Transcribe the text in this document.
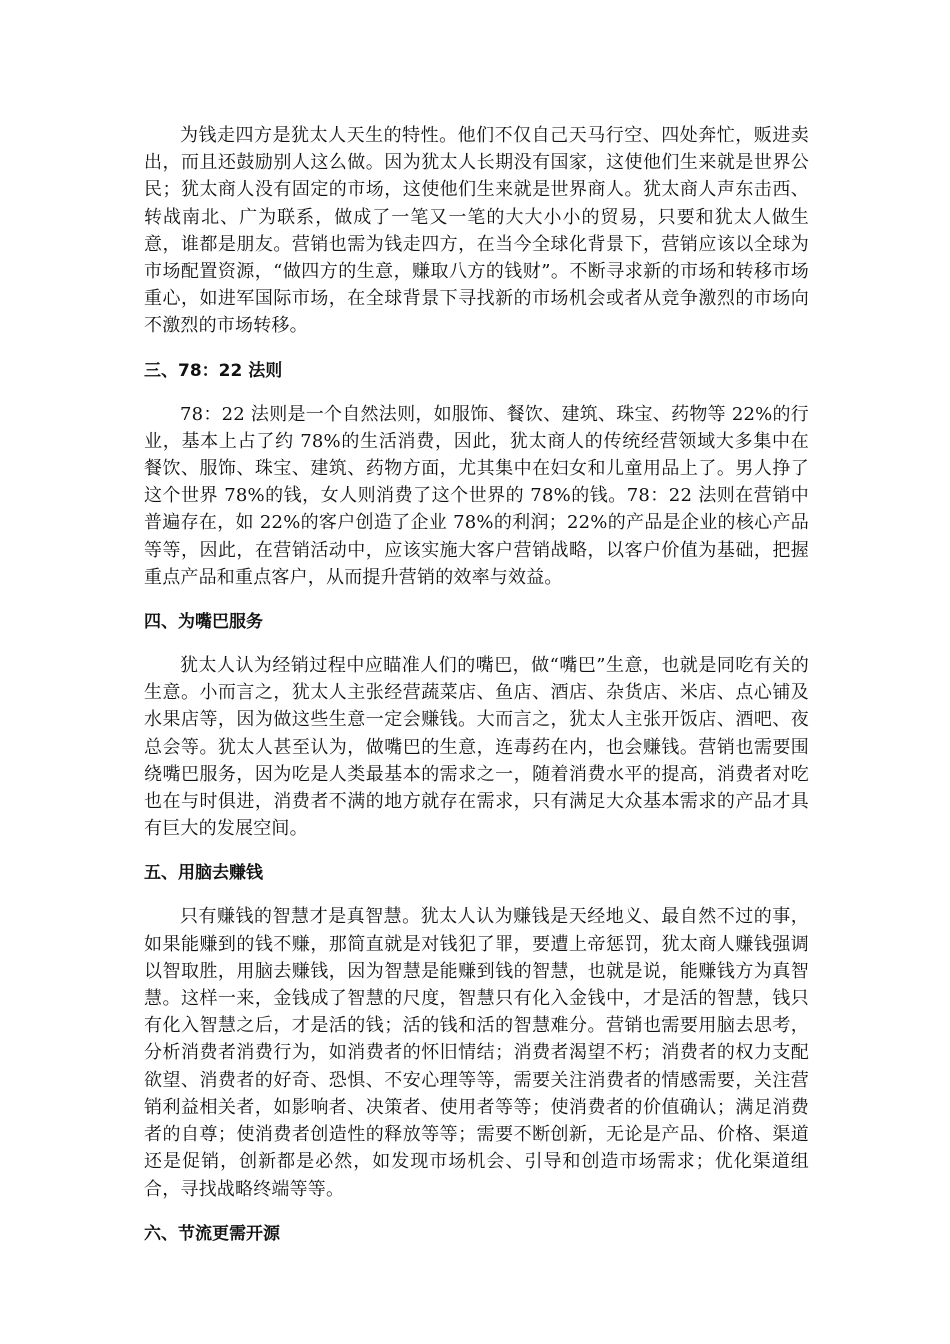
为钱走四方是犹太人天生的特性。他们不仅自己天马行空、四处奔忙，贩进卖出，而且还鼓励别人这么做。因为犹太人长期没有国家，这使他们生来就是世界公民；犹太商人没有固定的市场，这使他们生来就是世界商人。犹太商人声东击西、转战南北、广为联系，做成了一笔又一笔的大大小小的贸易，只要和犹太人做生意，谁都是朋友。营销也需为钱走四方，在当今全球化背景下，营销应该以全球为市场配置资源，“做四方的生意，赚取八方的钱财”。不断寻求新的市场和转移市场重心，如进军国际市场，在全球背景下寻找新的市场机会或者从竞争激烈的市场向不激烈的市场转移。

三、78：22 法则

78：22 法则是一个自然法则，如服饰、餐饮、建筑、珠宝、药物等 22%的行业，基本上占了约 78%的生活消费，因此，犹太商人的传统经营领域大多集中在餐饮、服饰、珠宝、建筑、药物方面，尤其集中在妇女和儿童用品上了。男人挣了这个世界 78%的钱，女人则消费了这个世界的 78%的钱。78：22 法则在营销中普遍存在，如 22%的客户创造了企业 78%的利润；22%的产品是企业的核心产品等等，因此，在营销活动中，应该实施大客户营销战略，以客户价值为基础，把握重点产品和重点客户，从而提升营销的效率与效益。

四、为嘴巴服务

犹太人认为经销过程中应瞄准人们的嘴巴，做“嘴巴”生意，也就是同吃有关的生意。小而言之，犹太人主张经营蔬菜店、鱼店、酒店、杂货店、米店、点心铺及水果店等，因为做这些生意一定会赚钱。大而言之，犹太人主张开饭店、酒吧、夜总会等。犹太人甚至认为，做嘴巴的生意，连毒药在内，也会赚钱。营销也需要围绕嘴巴服务，因为吃是人类最基本的需求之一，随着消费水平的提高，消费者对吃也在与时俱进，消费者不满的地方就存在需求，只有满足大众基本需求的产品才具有巨大的发展空间。

五、用脑去赚钱

只有赚钱的智慧才是真智慧。犹太人认为赚钱是天经地义、最自然不过的事，如果能赚到的钱不赚，那简直就是对钱犯了罪，要遭上帝惩罚，犹太商人赚钱强调以智取胜，用脑去赚钱，因为智慧是能赚到钱的智慧，也就是说，能赚钱方为真智慧。这样一来，金钱成了智慧的尺度，智慧只有化入金钱中，才是活的智慧，钱只有化入智慧之后，才是活的钱；活的钱和活的智慧难分。营销也需要用脑去思考，分析消费者消费行为，如消费者的怀旧情结；消费者渴望不朽；消费者的权力支配欲望、消费者的好奇、恐惧、不安心理等等，需要关注消费者的情感需要，关注营销利益相关者，如影响者、决策者、使用者等等；使消费者的价值确认；满足消费者的自尊；使消费者创造性的释放等等；需要不断创新，无论是产品、价格、渠道还是促销，创新都是必然，如发现市场机会、引导和创造市场需求；优化渠道组合，寻找战略终端等等。

六、节流更需开源
